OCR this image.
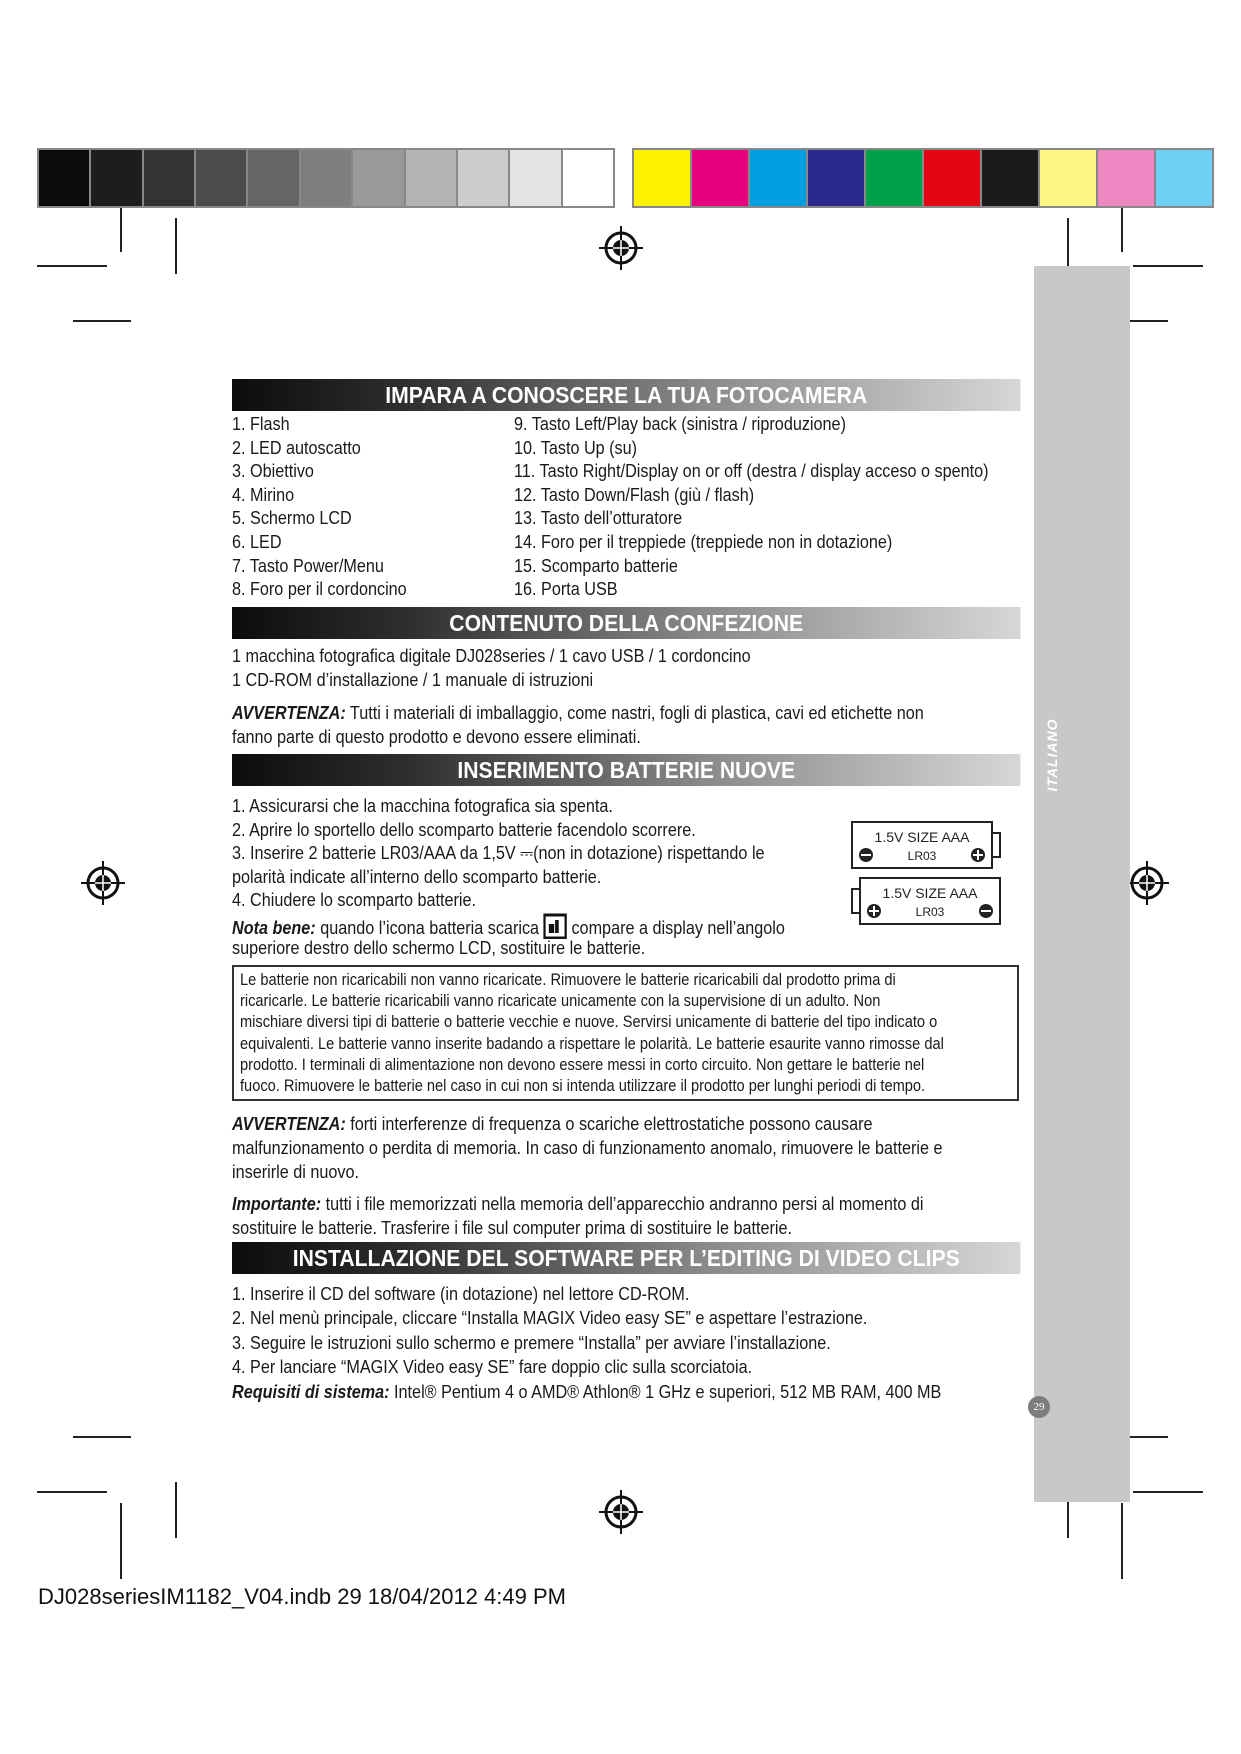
ITALIANO
29
IMPARA A CONOSCERE LA TUA FOTOCAMERA
1. Flash
2. LED autoscatto
3. Obiettivo
4. Mirino
5. Schermo LCD
6. LED
7. Tasto Power/Menu
8. Foro per il cordoncino
9. Tasto Left/Play back (sinistra / riproduzione)
10. Tasto Up (su)
11. Tasto Right/Display on or off (destra / display acceso o spento)
12. Tasto Down/Flash (giù / flash)
13. Tasto dell’otturatore
14. Foro per il treppiede (treppiede non in dotazione)
15. Scomparto batterie
16. Porta USB
CONTENUTO DELLA CONFEZIONE
1 macchina fotografica digitale DJ028series / 1 cavo USB / 1 cordoncino
1 CD-ROM d’installazione / 1 manuale di istruzioni
AVVERTENZA: Tutti i materiali di imballaggio, come nastri, fogli di plastica, cavi ed etichette non
fanno parte di questo prodotto e devono essere eliminati.
INSERIMENTO BATTERIE NUOVE
1. Assicurarsi che la macchina fotografica sia spenta.
2. Aprire lo sportello dello scomparto batterie facendolo scorrere.
3. Inserire 2 batterie LR03/AAA da 1,5V ⎓(non in dotazione) rispettando le
polarità indicate all’interno dello scomparto batterie.
4. Chiudere lo scomparto batterie.
Nota bene: quando l’icona batteria scarica  compare a display nell’angolo
superiore destro dello schermo LCD, sostituire le batterie.
1.5V SIZE AAA
LR03
1.5V SIZE AAA
LR03
Le batterie non ricaricabili non vanno ricaricate. Rimuovere le batterie ricaricabili dal prodotto prima di
ricaricarle. Le batterie ricaricabili vanno ricaricate unicamente con la supervisione di un adulto. Non
mischiare diversi tipi di batterie o batterie vecchie e nuove. Servirsi unicamente di batterie del tipo indicato o
equivalenti. Le batterie vanno inserite badando a rispettare le polarità. Le batterie esaurite vanno rimosse dal
prodotto. I terminali di alimentazione non devono essere messi in corto circuito. Non gettare le batterie nel
fuoco. Rimuovere le batterie nel caso in cui non si intenda utilizzare il prodotto per lunghi periodi di tempo.
AVVERTENZA: forti interferenze di frequenza o scariche elettrostatiche possono causare
malfunzionamento o perdita di memoria. In caso di funzionamento anomalo, rimuovere le batterie e
inserirle di nuovo.
Importante: tutti i file memorizzati nella memoria dell’apparecchio andranno persi al momento di
sostituire le batterie. Trasferire i file sul computer prima di sostituire le batterie.
INSTALLAZIONE DEL SOFTWARE PER L’EDITING DI VIDEO CLIPS
1. Inserire il CD del software (in dotazione) nel lettore CD-ROM.
2. Nel menù principale, cliccare “Installa MAGIX Video easy SE” e aspettare l’estrazione.
3. Seguire le istruzioni sullo schermo e premere “Installa” per avviare l’installazione.
4. Per lanciare “MAGIX Video easy SE” fare doppio clic sulla scorciatoia.
Requisiti di sistema: Intel® Pentium 4 o AMD® Athlon® 1 GHz e superiori, 512 MB RAM, 400 MB
DJ028seriesIM1182_V04.indb 29 18/04/2012 4:49 PM
